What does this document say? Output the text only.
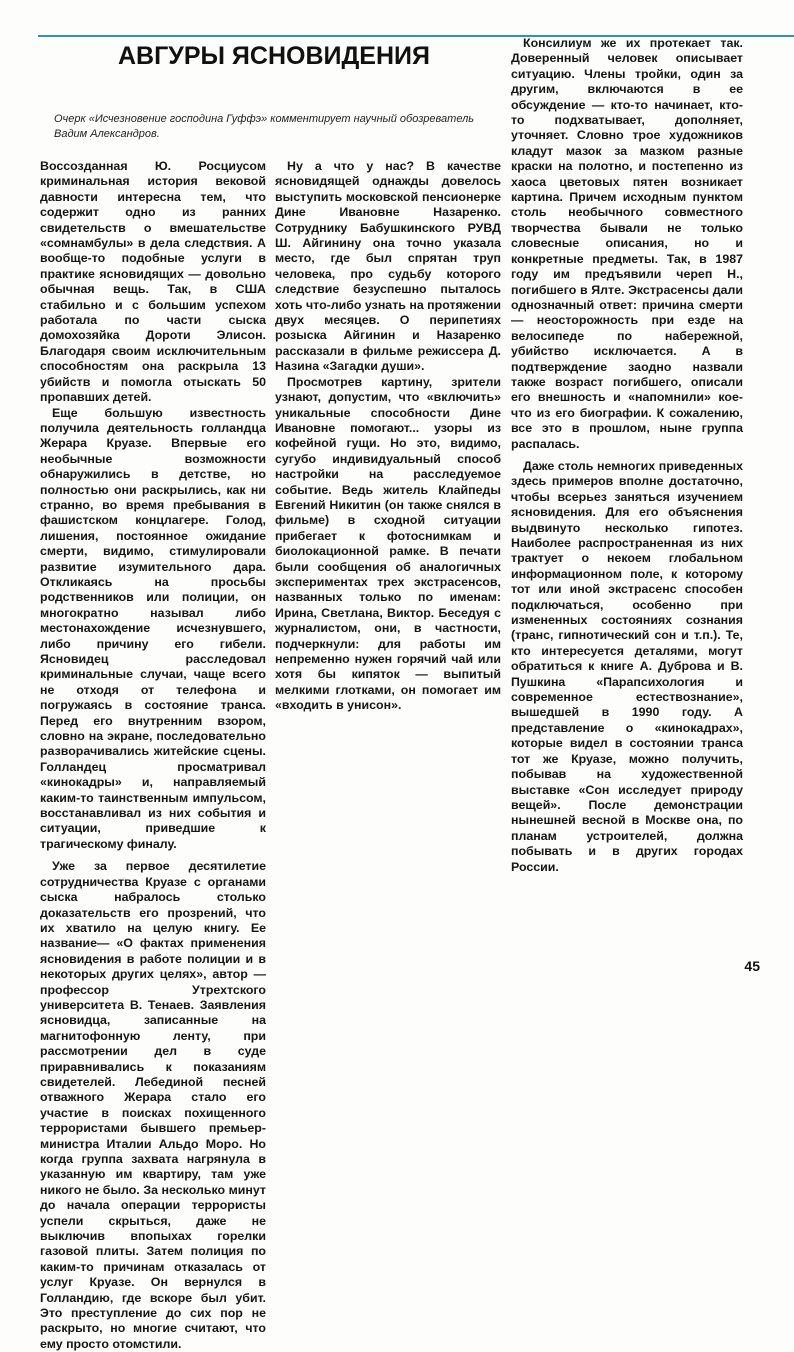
АВГУРЫ ЯСНОВИДЕНИЯ

Очерк «Исчезновение господина Гуффэ» комментирует научный обозреватель Вадим Александров.

Воссозданная Ю. Росциусом криминальная история вековой давности интересна тем, что содержит одно из ранних свидетельств о вмешательстве «сомнамбулы» в дела следствия. А вообще-то подобные услуги в практике ясновидящих — довольно обычная вещь. Так, в США стабильно и с большим успехом работала по части сыска домохозяйка Дороти Элисон. Благодаря своим исключительным способностям она раскрыла 13 убийств и помогла отыскать 50 пропавших детей.

Еще большую известность получила деятельность голландца Жерара Круазе. Впервые его необычные возможности обнаружились в детстве, но полностью они раскрылись, как ни странно, во время пребывания в фашистском концлагере. Голод, лишения, постоянное ожидание смерти, видимо, стимулировали развитие изумительного дара. Откликаясь на просьбы родственников или полиции, он многократно называл либо местонахождение исчезнувшего, либо причину его гибели. Ясновидец расследовал криминальные случаи, чаще всего не отходя от телефона и погружаясь в состояние транса. Перед его внутренним взором, словно на экране, последовательно разворачивались житейские сцены. Голландец просматривал «кинокадры» и, направляемый каким-то таинственным импульсом, восстанавливал из них события и ситуации, приведшие к трагическому финалу.

Уже за первое десятилетие сотрудничества Круазе с органами сыска набралось столько доказательств его прозрений, что их хватило на целую книгу. Ее название— «О фактах применения ясновидения в работе полиции и в некоторых других целях», автор — профессор Утрехтского университета В. Тенаев. Заявления ясновидца, записанные на магнитофонную ленту, при рассмотрении дел в суде приравнивались к показаниям свидетелей. Лебединой песней отважного Жерара стало его участие в поисках похищенного террористами бывшего премьер-министра Италии Альдо Моро. Но когда группа захвата нагрянула в указанную им квартиру, там уже никого не было. За несколько минут до начала операции террористы успели скрыться, даже не выключив впопыхах горелки газовой плиты. Затем полиция по каким-то причинам отказалась от услуг Круазе. Он вернулся в Голландию, где вскоре был убит. Это преступление до сих пор не раскрыто, но многие считают, что ему просто отомстили.

Ну а что у нас? В качестве ясновидящей однажды довелось выступить московской пенсионерке Дине Ивановне Назаренко. Сотруднику Бабушкинского РУВД Ш. Айгинину она точно указала место, где был спрятан труп человека, про судьбу которого следствие безуспешно пыталось хоть что-либо узнать на протяжении двух месяцев. О перипетиях розыска Айгинин и Назаренко рассказали в фильме режиссера Д. Назина «Загадки души».

Просмотрев картину, зрители узнают, допустим, что «включить» уникальные способности Дине Ивановне помогают... узоры из кофейной гущи. Но это, видимо, сугубо индивидуальный способ настройки на расследуемое событие. Ведь житель Клайпеды Евгений Никитин (он также снялся в фильме) в сходной ситуации прибегает к фотоснимкам и биолокационной рамке. В печати были сообщения об аналогичных экспериментах трех экстрасенсов, названных только по именам: Ирина, Светлана, Виктор. Беседуя с журналистом, они, в частности, подчеркнули: для работы им непременно нужен горячий чай или хотя бы кипяток — выпитый мелкими глотками, он помогает им «входить в унисон».

Консилиум же их протекает так. Доверенный человек описывает ситуацию. Члены тройки, один за другим, включаются в ее обсуждение — кто-то начинает, кто-то подхватывает, дополняет, уточняет. Словно трое художников кладут мазок за мазком разные краски на полотно, и постепенно из хаоса цветовых пятен возникает картина. Причем исходным пунктом столь необычного совместного творчества бывали не только словесные описания, но и конкретные предметы. Так, в 1987 году им предъявили череп Н., погибшего в Ялте. Экстрасенсы дали однозначный ответ: причина смерти — неосторожность при езде на велосипеде по набережной, убийство исключается. А в подтверждение заодно назвали также возраст погибшего, описали его внешность и «напомнили» кое-что из его биографии. К сожалению, все это в прошлом, ныне группа распалась.

Даже столь немногих приведенных здесь примеров вполне достаточно, чтобы всерьез заняться изучением ясновидения. Для его объяснения выдвинуто несколько гипотез. Наиболее распространенная из них трактует о некоем глобальном информационном поле, к которому тот или иной экстрасенс способен подключаться, особенно при измененных состояниях сознания (транс, гипнотический сон и т.п.). Те, кто интересуется деталями, могут обратиться к книге А. Дуброва и В. Пушкина «Парапсихология и современное естествознание», вышедшей в 1990 году. А представление о «кинокадрах», которые видел в состоянии транса тот же Круазе, можно получить, побывав на художественной выставке «Сон исследует природу вещей». После демонстрации нынешней весной в Москве она, по планам устроителей, должна побывать и в других городах России.

45
